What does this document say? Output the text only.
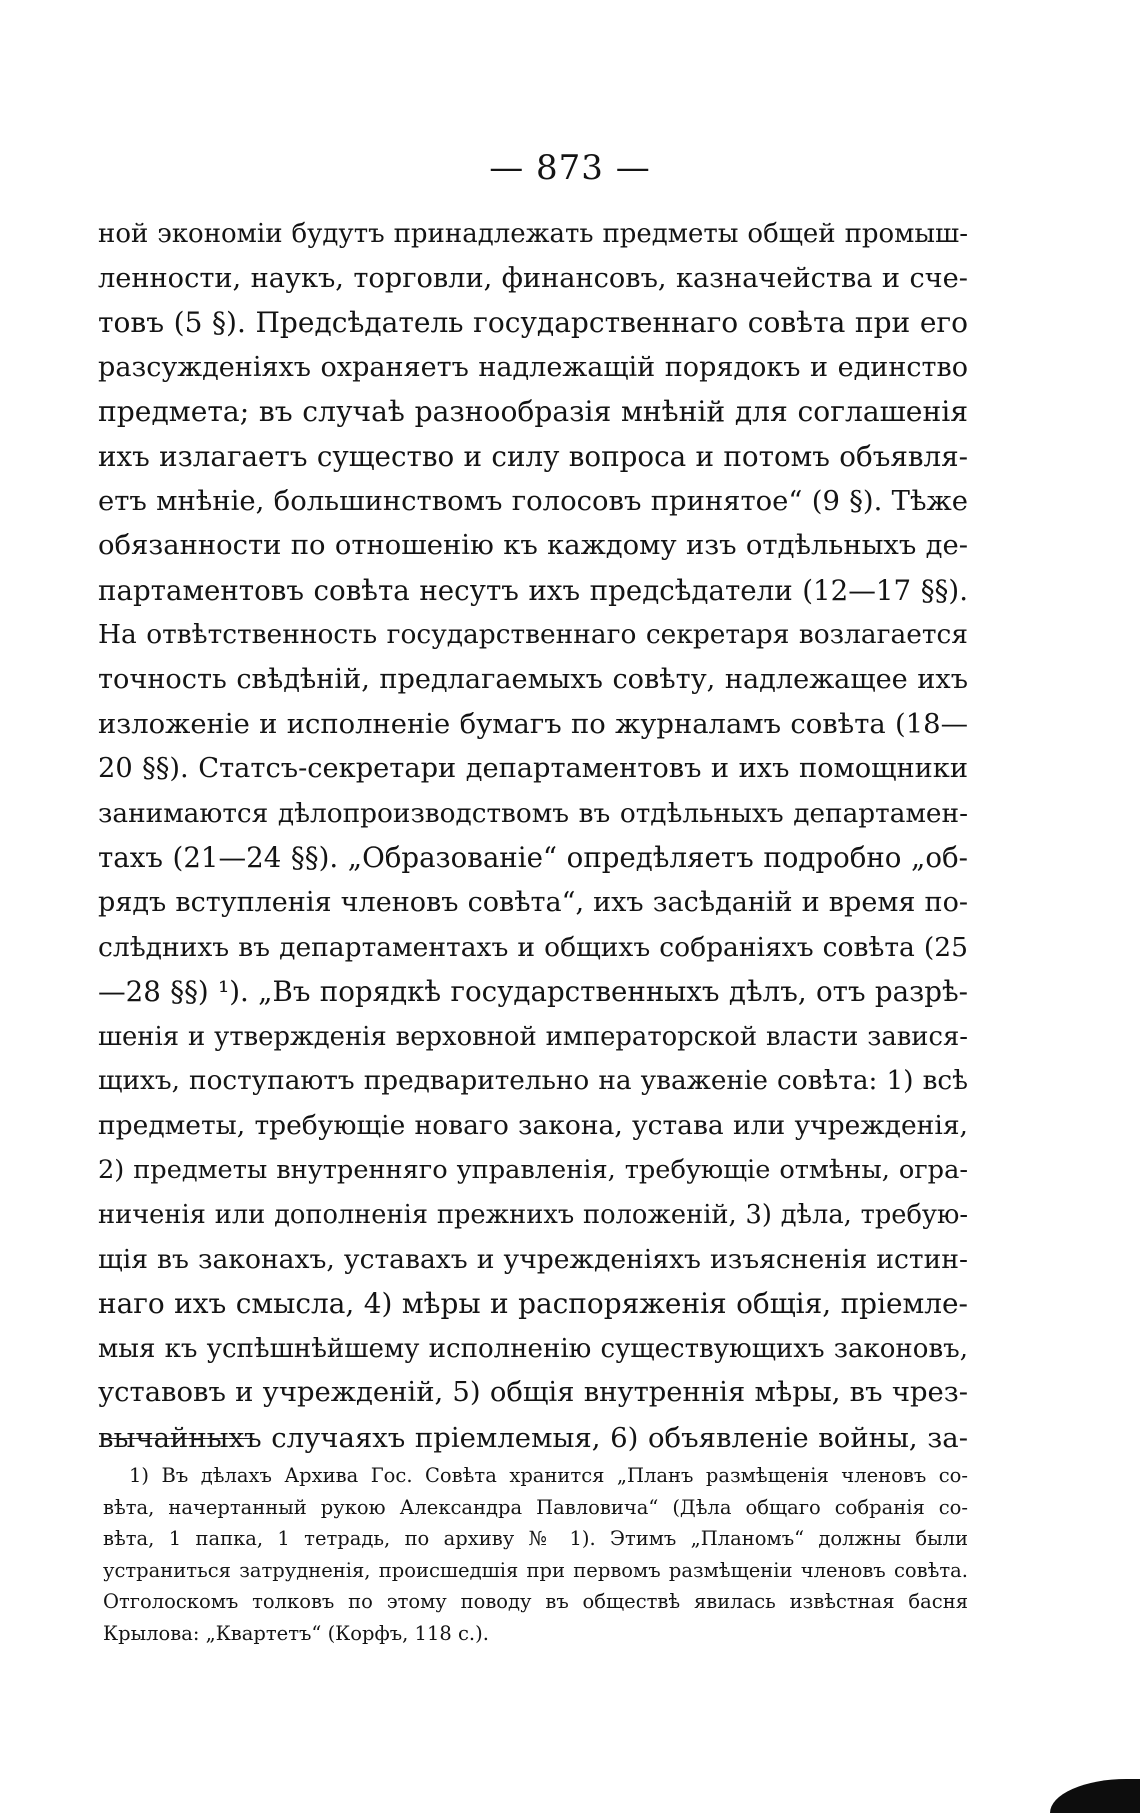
— 873 —
ной экономіи будутъ принадлежать предметы общей промыш-
ленности, наукъ, торговли, финансовъ, казначейства и сче-
товъ (5 §). Предсѣдатель государственнаго совѣта при его
разсужденіяхъ охраняетъ надлежащій порядокъ и единство
предмета; въ случаѣ разнообразія мнѣній для соглашенія
ихъ излагаетъ существо и силу вопроса и потомъ объявля-
етъ мнѣніе, большинствомъ голосовъ принятое“ (9 §). Тѣже
обязанности по отношенію къ каждому изъ отдѣльныхъ де-
партаментовъ совѣта несутъ ихъ предсѣдатели (12—17 §§).
На отвѣтственность государственнаго секретаря возлагается
точность свѣдѣній, предлагаемыхъ совѣту, надлежащее ихъ
изложеніе и исполненіе бумагъ по журналамъ совѣта (18—
20 §§). Статсъ-секретари департаментовъ и ихъ помощники
занимаются дѣлопроизводствомъ въ отдѣльныхъ департамен-
тахъ (21—24 §§). „Образованіе“ опредѣляетъ подробно „об-
рядъ вступленія членовъ совѣта“, ихъ засѣданій и время по-
слѣднихъ въ департаментахъ и общихъ собраніяхъ совѣта (25
—28 §§) ¹). „Въ порядкѣ государственныхъ дѣлъ, отъ разрѣ-
шенія и утвержденія верховной императорской власти завися-
щихъ, поступаютъ предварительно на уваженіе совѣта: 1) всѣ
предметы, требующіе новаго закона, устава или учрежденія,
2) предметы внутренняго управленія, требующіе отмѣны, огра-
ниченія или дополненія прежнихъ положеній, 3) дѣла, требую-
щія въ законахъ, уставахъ и учрежденіяхъ изъясненія истин-
наго ихъ смысла, 4) мѣры и распоряженія общія, пріемле-
мыя къ успѣшнѣйшему исполненію существующихъ законовъ,
уставовъ и учрежденій, 5) общія внутреннія мѣры, въ чрез-
вычайныхъ случаяхъ пріемлемыя, 6) объявленіе войны, за-
1) Въ дѣлахъ Архива Гос. Совѣта хранится „Планъ размѣщенія членовъ со-
вѣта, начертанный рукою Александра Павловича“ (Дѣла общаго собранія со-
вѣта, 1 папка, 1 тетрадь, по архиву № 1). Этимъ „Планомъ“ должны были
устраниться затрудненія, происшедшія при первомъ размѣщеніи членовъ совѣта.
Отголоскомъ толковъ по этому поводу въ обществѣ явилась извѣстная басня
Крылова: „Квартетъ“ (Корфъ, 118 с.).
